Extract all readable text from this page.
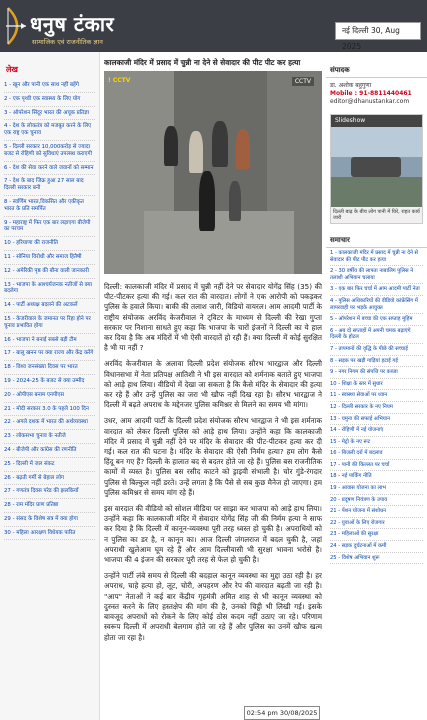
धनुष टंकार
सामाजिक एवं राजनीतिक ज्ञान
नई दिल्ली 30, Aug 2025
लेख
1 - खून और पानी एक साथ नहीं बहेंगे
2 - एक पृथ्वी एक स्वास्थ्य के लिए योग
3 - ऑपरेशन सिंदूर भारत की अचूक प्रतिज्ञा
4 - देश के लोकतंत्र को मजबूत करने के लिए एक राष्ट्र एक चुनाव
5 - दिल्ली सरकार 10,000करोड़ से ज्यादा बजट से रोहिणी को सुविधाएं उपलब्ध कराएगी
6 - देश की सेवा करने वाले जवानों को सम्मान
7 - देश के बाद जिक्र हुआ 27 साल बाद दिल्ली सरकार बनी
8 - स्वर्णिम भारत,विकसित और एकीकृत भारत के प्रति समर्पित
9 - महाराष्ट्र में फिर एक बार लड़ाएगा बीजेपी का परचम
10 - हरियाणा की राजनीति
11 - सोनिया विरोधी और समाज हितैषी
12 - अमेरिकी पृष्ठ की बौना वाली जानकारी
13 - भाजपा के आश्चर्यजनक नतीजों से क्या बदलेगा
14 - पार्टी अध्यक्ष बदलने की अटकलें
15 - केजरीवाल के जमानत पर रिहा होने पर चुनाव प्रभावित होगा
16 - भाजपा ने बनाई सबसे बड़ी टीम
17 - बालू खनन पर क्या राज्य और केंद्र करेंगे
18 - विश्व जनसंख्या दिवस पर भारत
19 - 2024-25 के बजट से क्या उम्मीद
20 - ओपीएस बनाम एनपीएस
21 - मोदी सरकार 3.0 के पहले 100 दिन
22 - अगले दशक में भारत की अर्थव्यवस्था
23 - लोकसभा चुनाव के नतीजे
24 - बीजेपी और कांग्रेस की रणनीति
25 - दिल्ली में जल संकट
26 - बढ़ती गर्मी से बेहाल लोग
27 - गणतंत्र दिवस परेड की झलकियाँ
28 - राम मंदिर प्राण प्रतिष्ठा
29 - संसद के विशेष सत्र में क्या होगा
30 - महिला आरक्षण विधेयक पारित
कालकाजी मंदिर में प्रसाद में चुन्नी ना देने से सेवादार की पीट पीट कर हत्या
! CCTV	CCTV

दिल्ली: कालकाजी मंदिर में प्रसाद में चुन्नी नहीं देने पर सेवादार योगेंद्र सिंह (35) की पीट-पीटकर हत्या की गई। कल रात की वारदात। लोगों ने एक आरोपी को पकड़कर पुलिस के हवाले किया। बाकी की तलाश जारी, विडियो वायरल। आम आदमी पार्टी के राष्ट्रीय संयोजक अरविंद केजरीवाल ने ट्विटर के माध्यम से दिल्ली की रेखा गुप्ता सरकार पर निशाना साधते हुए कहा कि भाजपा के चारों इंजनों ने दिल्ली का ये हाल कर दिया है कि अब मंदिरों में भी ऐसी वारदातें हो रही हैं। क्या दिल्ली में कोई सुरक्षित है भी या नहीं ?

अरविंद केजरीवाल के अलावा दिल्ली प्रदेश संयोजक सौरभ भारद्वाज और दिल्ली विधानसभा में नेता प्रतिपक्ष आतिशी ने भी इस वारदात को शर्मनाक बताते हुए भाजपा को आड़े हाथ लिया। वीडियो में देखा जा सकता है कि कैसे मंदिर के सेवादार की हत्या कर रहे हैं और उन्हें पुलिस का जरा भी खौफ नहीं दिख रहा है। सौरभ भारद्वाज ने दिल्ली में बढ़ते अपराध के मद्देनजर पुलिस कमिश्नर से मिलने का समय भी मांगा।

उधर, आम आदमी पार्टी के दिल्ली प्रदेश संयोजक सौरभ भारद्वाज ने भी इस शर्मनाक वारदात को लेकर दिल्ली पुलिस को आड़े हाथ लिया। उन्होंने कहा कि कालकाजी मंदिर में प्रसाद में चुन्नी नहीं देने पर मंदिर के सेवादार की पीट-पीटकर हत्या कर दी गई। कल रात की घटना है। मंदिर के सेवादार की ऐसी निर्मम हत्या? हम लोग कैसे हिंदू बन गए हैं? दिल्ली के हालात बद से बदतर होते जा रहे हैं। पुलिस बस राजनीतिक कामों में व्यस्त है। पुलिस बस रसीद काटने को ड्राइवी संभाली है। चोर गुंडे-रंगदार पुलिस से बिल्कुल नहीं डरते। उन्हें लगता है कि पैसे से सब कुछ मैनेज हो जाएगा। हम पुलिस कमिश्नर से समय मांग रहे हैं।

इस वारदात की वीडियो को सोशल मीडिया पर साझा कर भाजपा को आड़े हाथ लिया। उन्होंने कहा कि कालकाजी मंदिर में सेवादार योगेंद्र सिंह जी की निर्मम हत्या ने साफ कर दिया है कि दिल्ली में कानून-व्यवस्था पूरी तरह ध्वस्त हो चुकी है। अपराधियों को न पुलिस का डर है, न कानून का। आज दिल्ली जंगलराज में बदल चुकी है, जहां अपराधी खुलेआम घूम रहे हैं और आम दिल्लीवासी भी सुरक्षा भावना भरोसे है। भाजपा की 4 इंजन की सरकार पूरी तरह से फेल हो चुकी है।

उन्होंने पार्टी लंबे समय से दिल्ली की बदहाल कानून व्यवस्था का मुद्दा उठा रही है। हर अपराध, चाहे हत्या हो, लूट, चोरी, अपहरण और रेप की वारदात बढ़ती जा रही है। "आप" नेताओं ने कई बार केंद्रीय गृहमंत्री अमित शाह से भी कानून व्यवस्था को दुरुस्त करने के लिए हस्तक्षेप की मांग की है, उनको चिट्ठी भी लिखी गई। इसके बावजूद अपराधों को रोकने के लिए कोई ठोस कदम नहीं उठाए जा रहे। परिणाम स्वरूप दिल्ली में अपराधी बेलगाम होते जा रहे हैं और पुलिस का उनमें खौफ खत्म होता जा रहा है।

02:54 pm 30/08/2025
संपादक
डा. अशोक बहुगुणा
Mobile : 91-8811440461
editor@dhanustankar.com
Slideshow
दिल्ली बाढ़ के बीच लोग पानी में घिरे, राहत कार्य जारी
समाचार
1 - कालकाजी मंदिर में प्रसाद में चुन्नी ना देने से सेवादार की पीट पीट कर हत्या
2 - 30 वर्षीय की लापता नाबालिग पुलिस ने तलाशी अभियान चलाया
3 - एक बार फिर चर्चा में आम आदमी पार्टी नेता
4 - पुलिस अधिकारियों की वीडियो कांफ्रेंसिंग में लापरवाही पर भड़के आयुक्त
5 - ऑपरेशन में बच्चा की एक सप्ताह मुहिम
6 - अब दो सप्ताहों में अपनी चमक बढ़ाएंगे दिल्ली के होटल
7 - तापमानों की वृद्धि के पीछे की सच्चाई
8 - सड़क पर खड़ी गाड़ियां हटाई गई
9 - नगर निगम की संपत्ति पर कब्जा
10 - शिक्षा के स्तर में सुधार
11 - स्वास्थ्य सेवाओं पर ध्यान
12 - दिल्ली सरकार के नए नियम
13 - यमुना की सफाई अभियान
14 - रोहिणी में नई योजनाएं
15 - मेट्रो के नए रूट
16 - बिजली दरों में बदलाव
17 - पानी की किल्लत पर चर्चा
18 - नई पार्किंग नीति
19 - आवास योजना का लाभ
20 - प्रदूषण नियंत्रण के उपाय
21 - पेंशन योजना में संशोधन
22 - युवाओं के लिए रोजगार
23 - महिलाओं की सुरक्षा
24 - सड़क दुर्घटनाओं में कमी
25 - विशेष अभियान शुरू
